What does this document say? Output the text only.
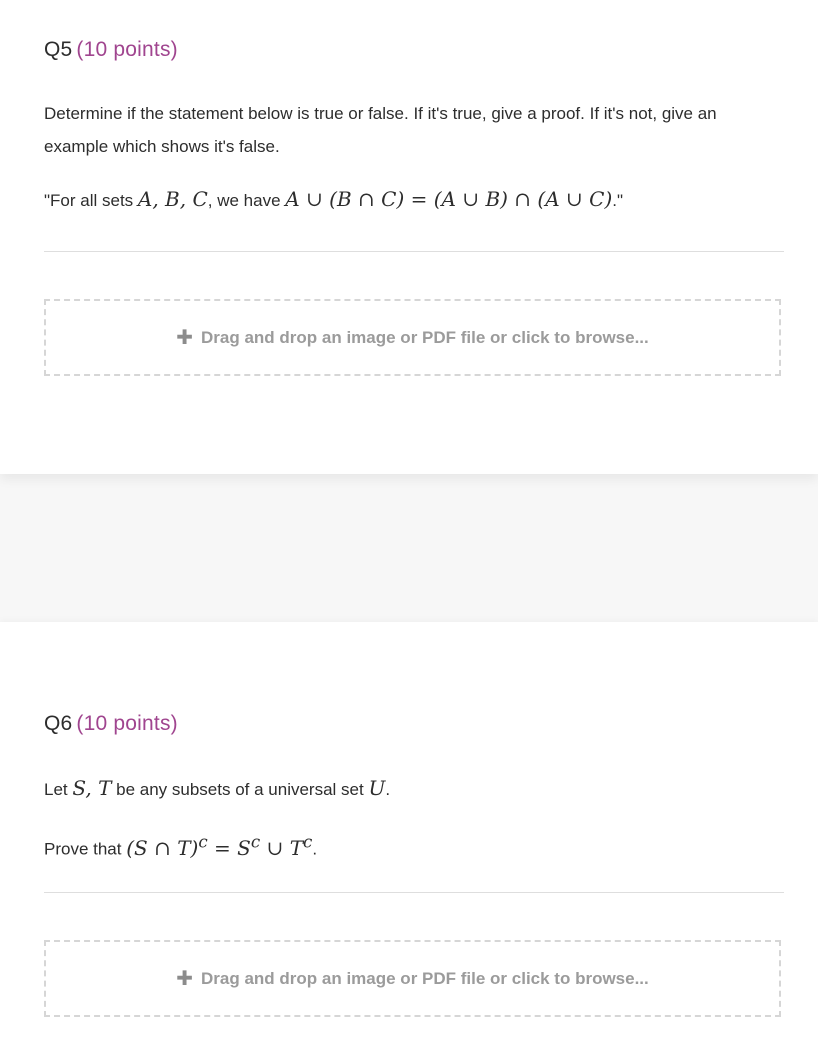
Q5 (10 points)

Determine if the statement below is true or false. If it's true, give a proof. If it's not, give an example which shows it's false.

"For all sets A, B, C, we have A ∪ (B ∩ C) = (A ∪ B) ∩ (A ∪ C)."

✚ Drag and drop an image or PDF file or click to browse...
Q6 (10 points)

Let S, T be any subsets of a universal set U.

Prove that (S ∩ $T)^c = S^c$ ∪ $T^c$.

✚ Drag and drop an image or PDF file or click to browse...
